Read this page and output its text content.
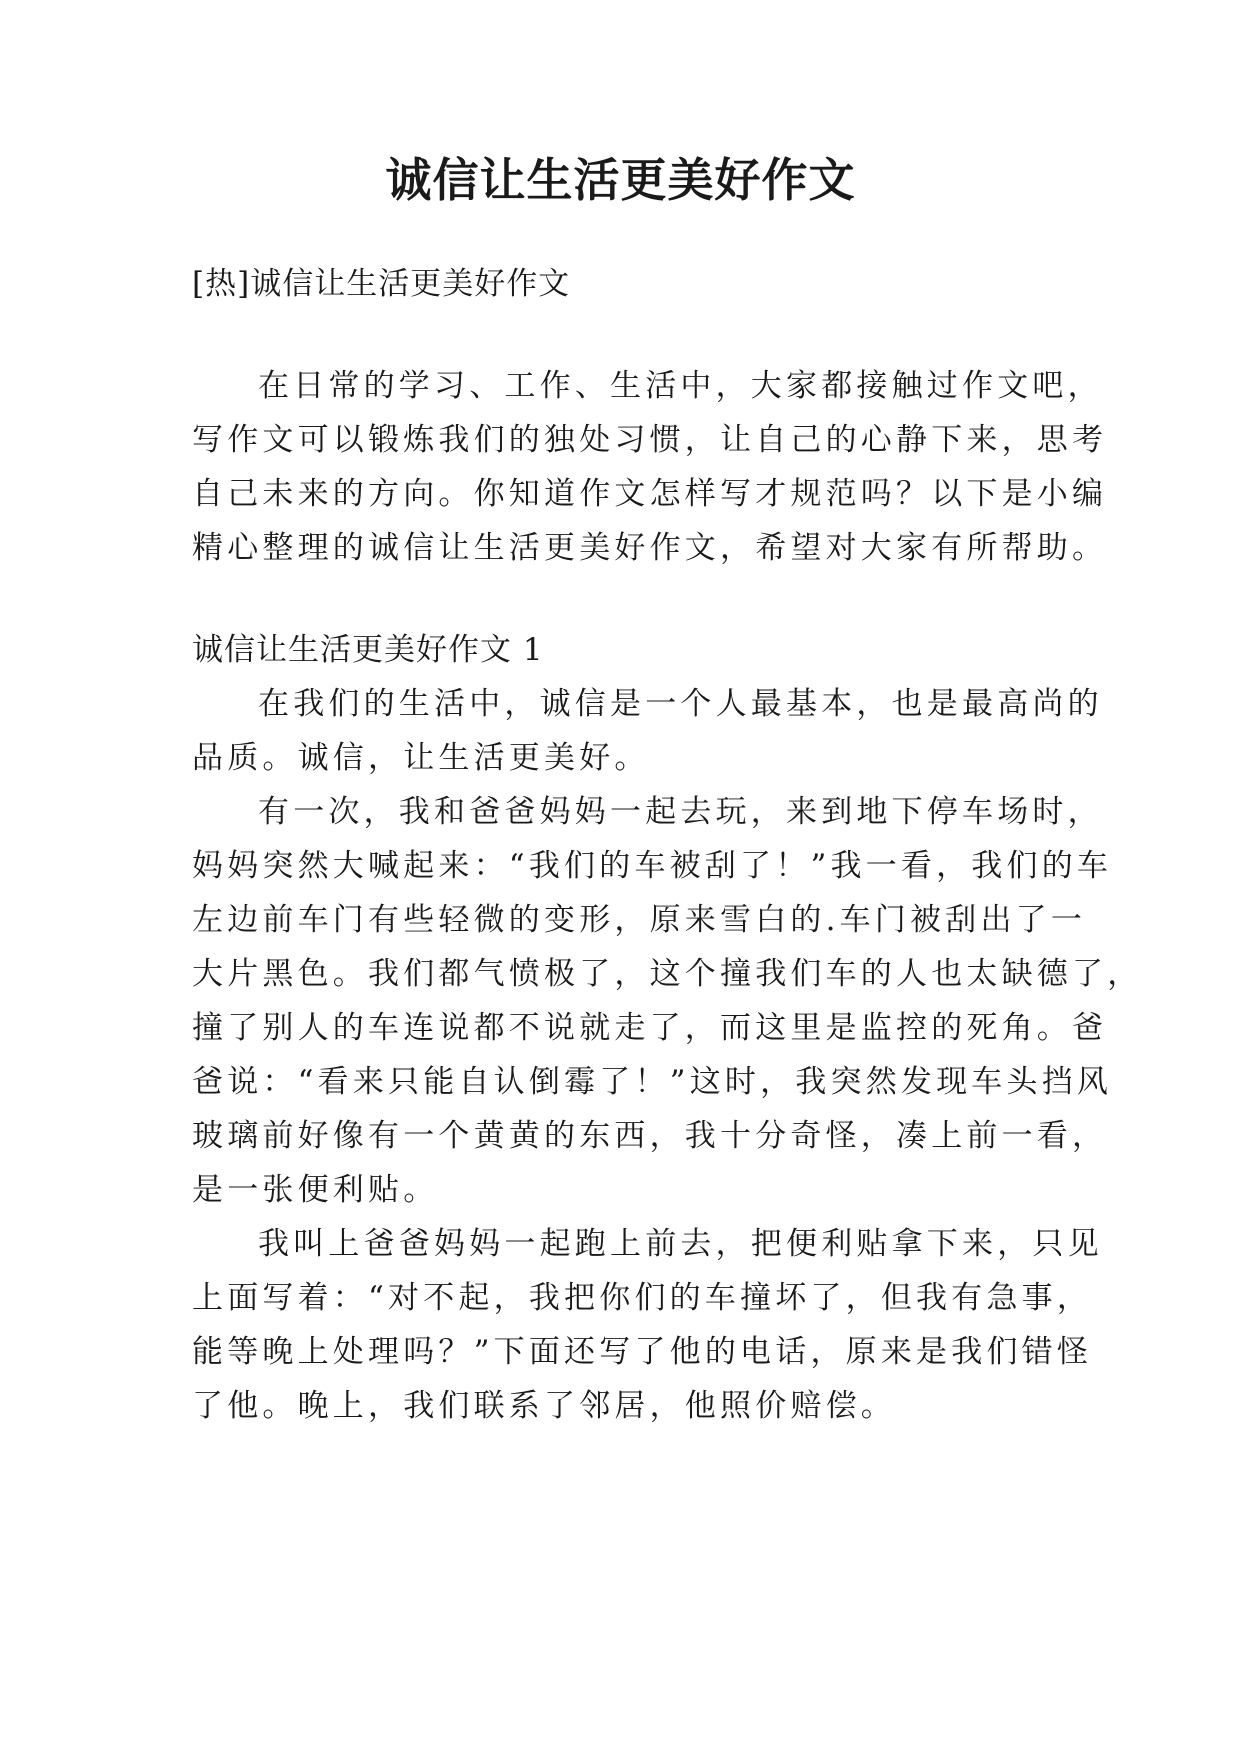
诚信让生活更美好作文

[热]诚信让生活更美好作文

在日常的学习、工作、生活中，大家都接触过作文吧，

写作文可以锻炼我们的独处习惯，让自己的心静下来，思考

自己未来的方向。你知道作文怎样写才规范吗？以下是小编

精心整理的诚信让生活更美好作文，希望对大家有所帮助。

诚信让生活更美好作文 1

在我们的生活中，诚信是一个人最基本，也是最高尚的

品质。诚信，让生活更美好。

有一次，我和爸爸妈妈一起去玩，来到地下停车场时，

妈妈突然大喊起来：“我们的车被刮了！”我一看，我们的车

左边前车门有些轻微的变形，原来雪白的.车门被刮出了一

大片黑色。我们都气愤极了，这个撞我们车的人也太缺德了，

撞了别人的车连说都不说就走了，而这里是监控的死角。爸

爸说：“看来只能自认倒霉了！”这时，我突然发现车头挡风

玻璃前好像有一个黄黄的东西，我十分奇怪，凑上前一看，

是一张便利贴。

我叫上爸爸妈妈一起跑上前去，把便利贴拿下来，只见

上面写着：“对不起，我把你们的车撞坏了，但我有急事，

能等晚上处理吗？”下面还写了他的电话，原来是我们错怪

了他。晚上，我们联系了邻居，他照价赔偿。
